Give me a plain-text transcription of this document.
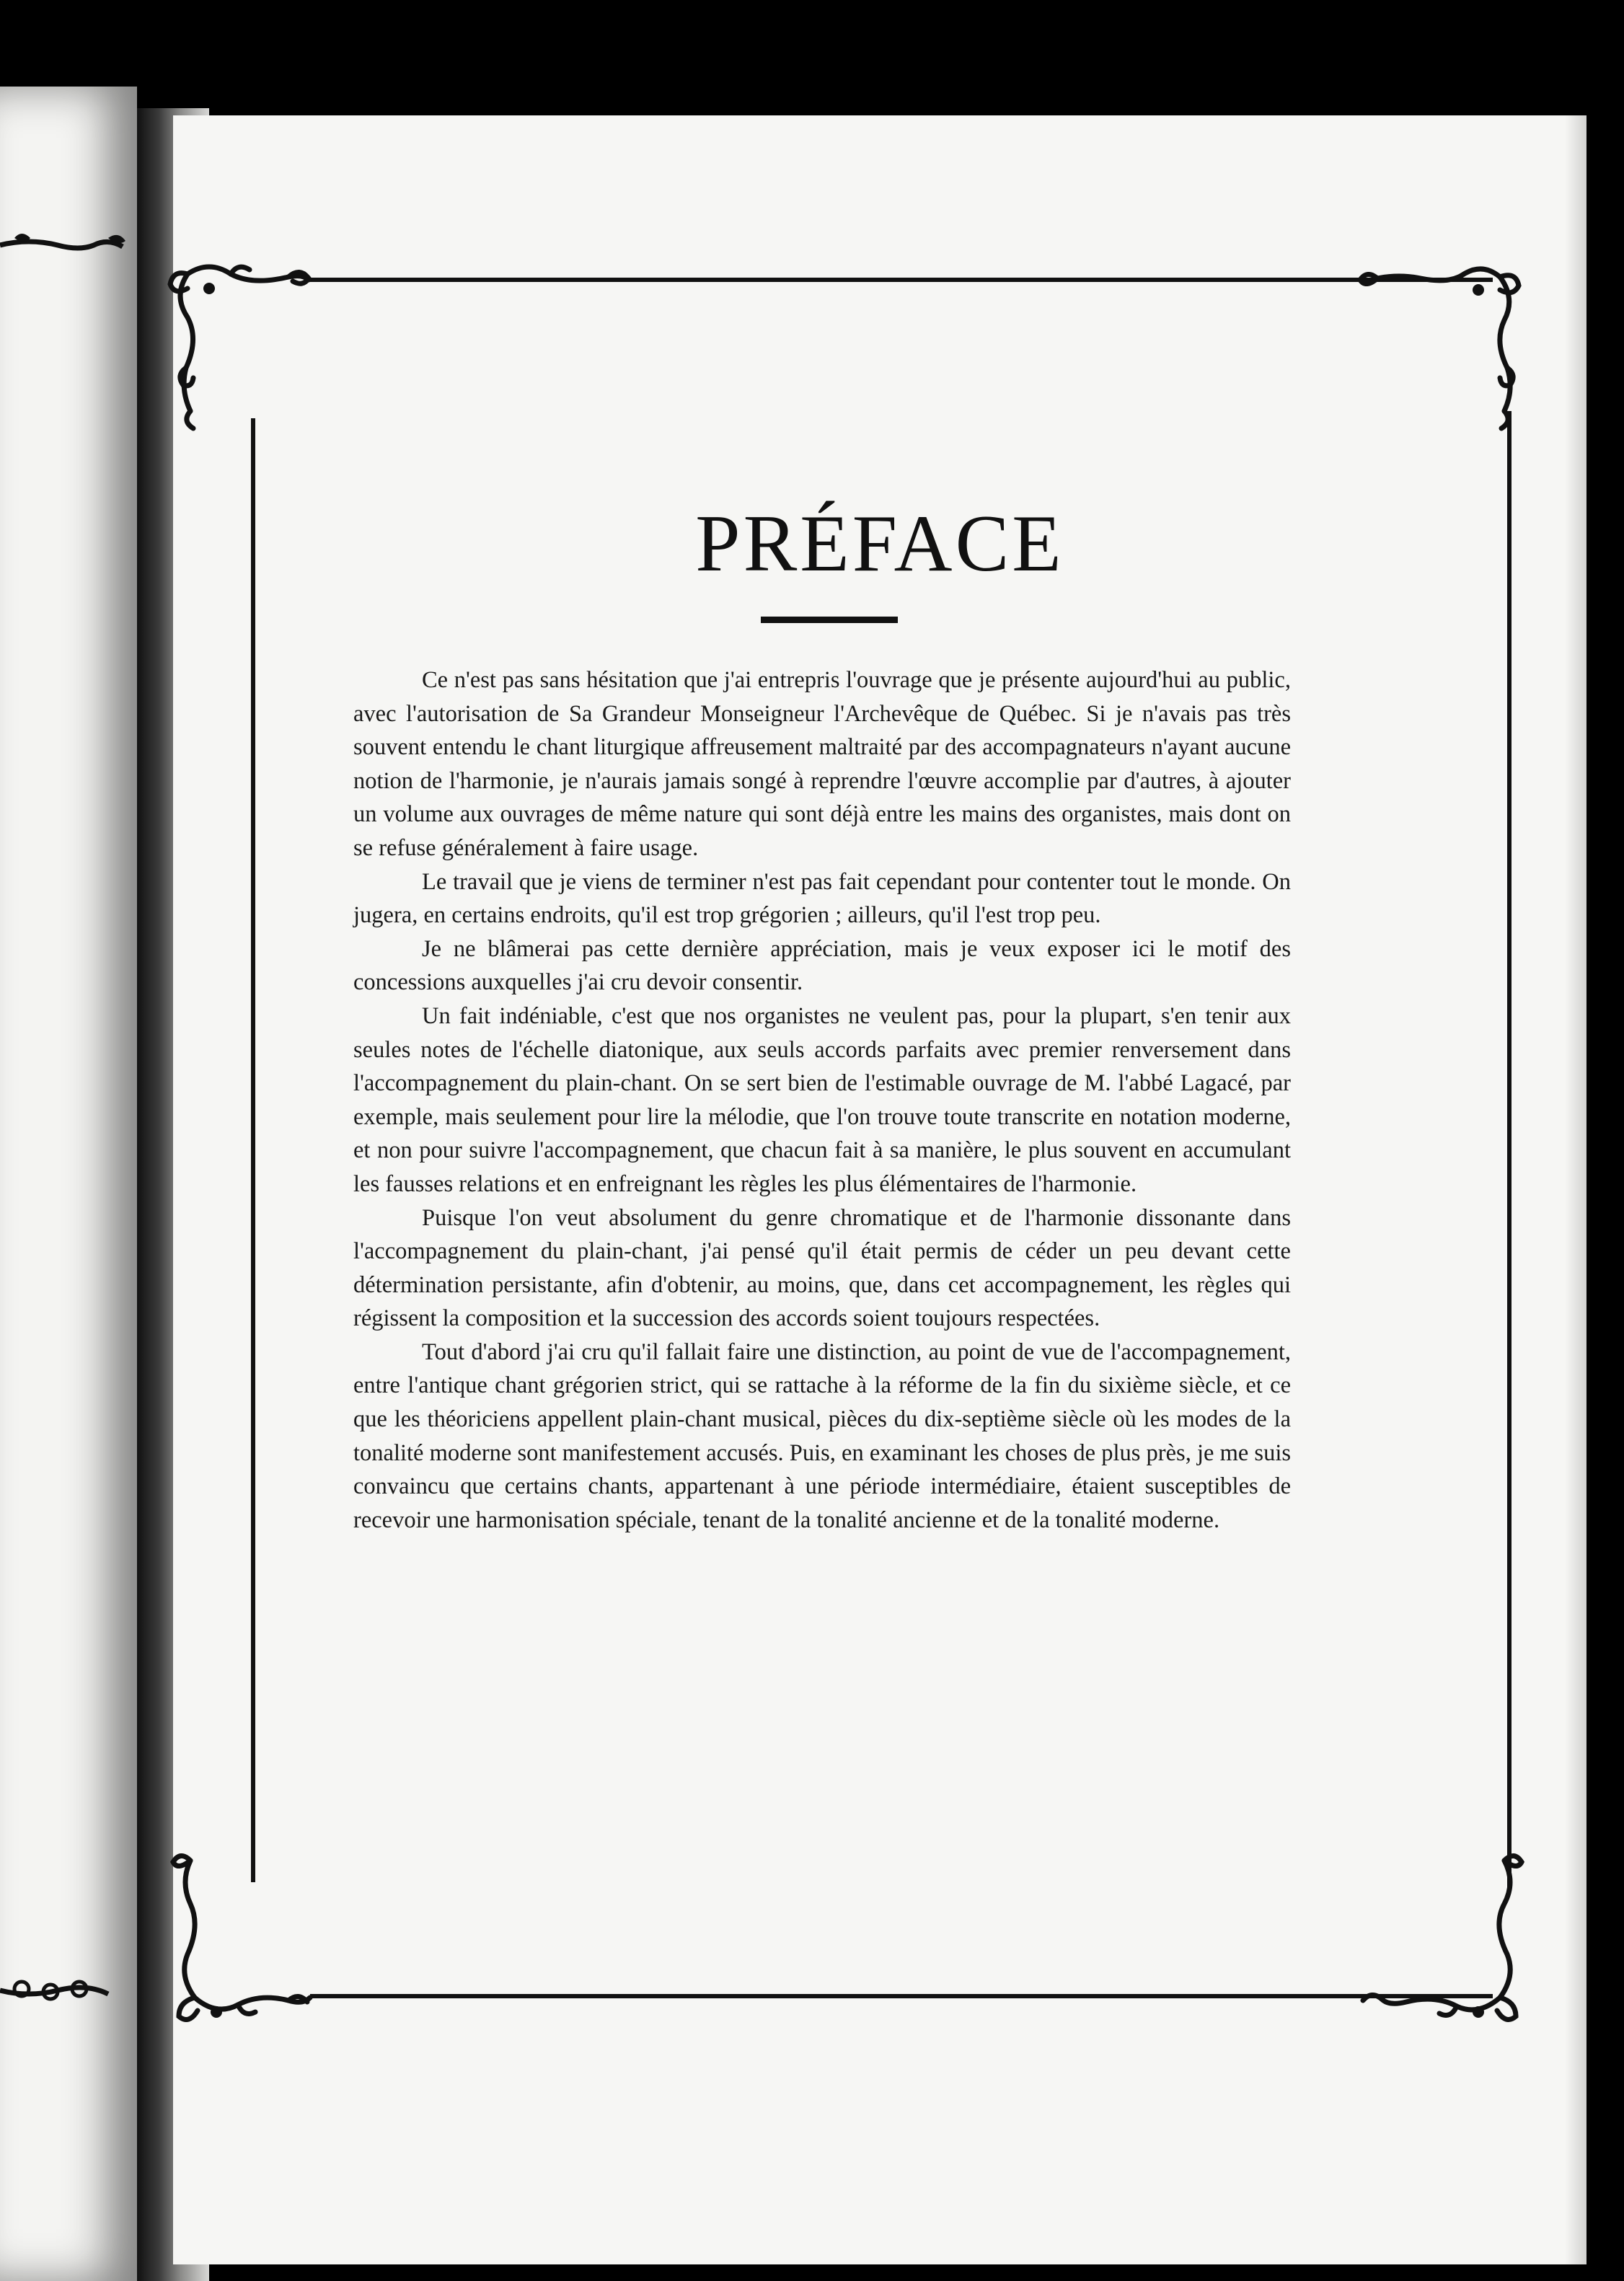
PRÉFACE

Ce n'est pas sans hésitation que j'ai entrepris l'ouvrage que je présente aujourd'hui au public, avec l'autorisation de Sa Grandeur Monseigneur l'Archevêque de Québec. Si je n'avais pas très souvent entendu le chant liturgique affreusement maltraité par des accompagnateurs n'ayant aucune notion de l'harmonie, je n'aurais jamais songé à reprendre l'œuvre accomplie par d'autres, à ajouter un volume aux ouvrages de même nature qui sont déjà entre les mains des organistes, mais dont on se refuse généralement à faire usage.

Le travail que je viens de terminer n'est pas fait cependant pour contenter tout le monde. On jugera, en certains endroits, qu'il est trop grégorien ; ailleurs, qu'il l'est trop peu.

Je ne blâmerai pas cette dernière appréciation, mais je veux exposer ici le motif des concessions auxquelles j'ai cru devoir consentir.

Un fait indéniable, c'est que nos organistes ne veulent pas, pour la plupart, s'en tenir aux seules notes de l'échelle diatonique, aux seuls accords parfaits avec premier renversement dans l'accompagnement du plain-chant. On se sert bien de l'estimable ouvrage de M. l'abbé Lagacé, par exemple, mais seulement pour lire la mélodie, que l'on trouve toute transcrite en notation moderne, et non pour suivre l'accompagnement, que chacun fait à sa manière, le plus souvent en accumulant les fausses relations et en enfreignant les règles les plus élémentaires de l'harmonie.

Puisque l'on veut absolument du genre chromatique et de l'harmonie dissonante dans l'accompagnement du plain-chant, j'ai pensé qu'il était permis de céder un peu devant cette détermination persistante, afin d'obtenir, au moins, que, dans cet accompagnement, les règles qui régissent la composition et la succession des accords soient toujours respectées.

Tout d'abord j'ai cru qu'il fallait faire une distinction, au point de vue de l'accompagnement, entre l'antique chant grégorien strict, qui se rattache à la réforme de la fin du sixième siècle, et ce que les théoriciens appellent plain-chant musical, pièces du dix-septième siècle où les modes de la tonalité moderne sont manifestement accusés. Puis, en examinant les choses de plus près, je me suis convaincu que certains chants, appartenant à une période intermédiaire, étaient susceptibles de recevoir une harmonisation spéciale, tenant de la tonalité ancienne et de la tonalité moderne.
